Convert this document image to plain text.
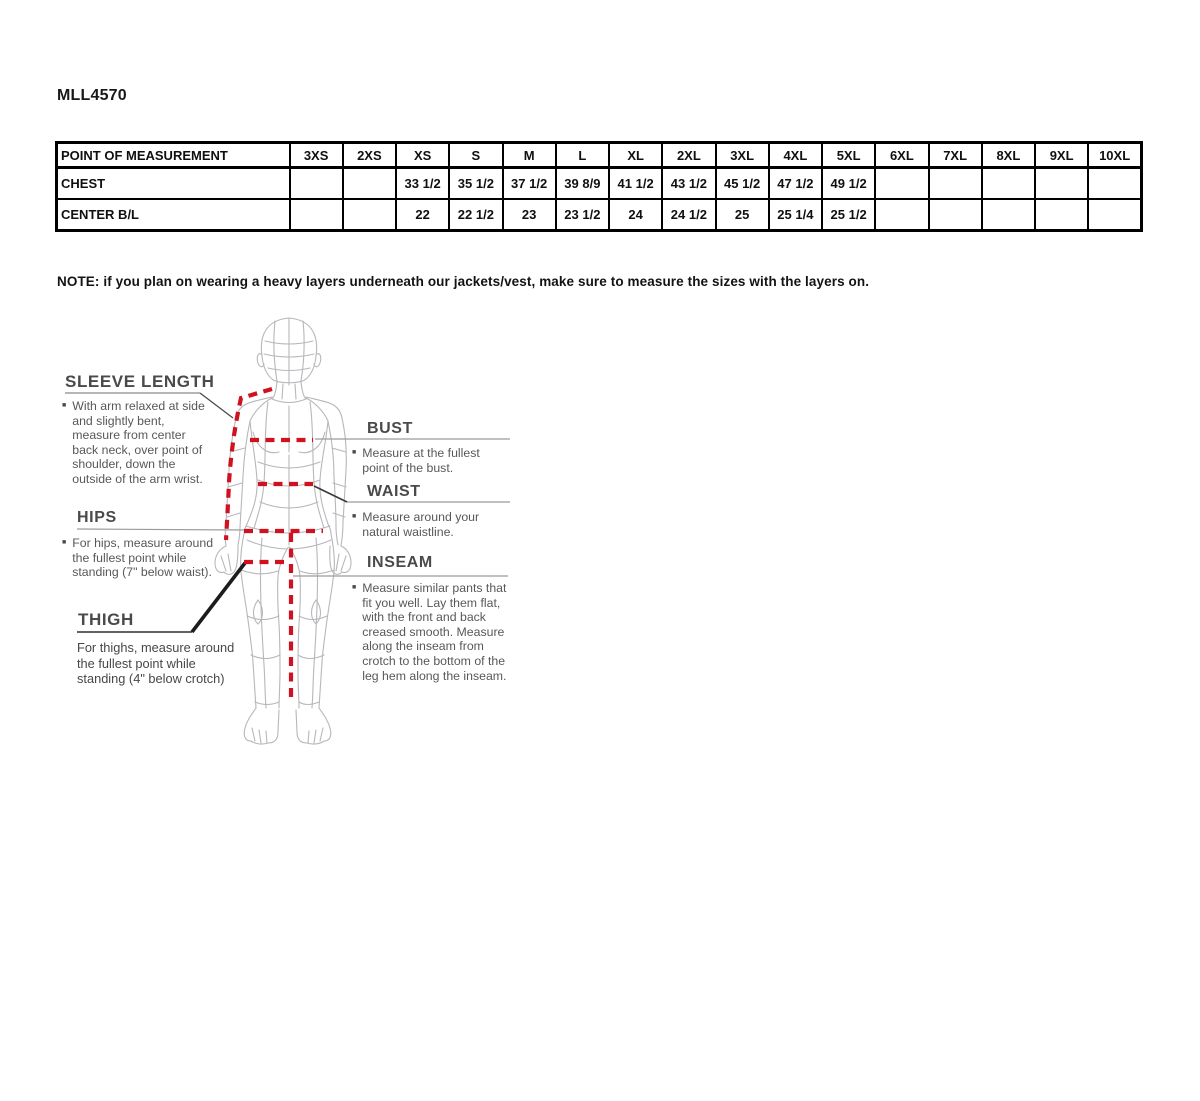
MLL4570
POINT OF MEASUREMENT	3XS	2XS	XS	S	M	L	XL	2XL	3XL	4XL	5XL	6XL	7XL	8XL	9XL	10XL
CHEST			33 1/2	35 1/2	37 1/2	39 8/9	41 1/2	43 1/2	45 1/2	47 1/2	49 1/2					
CENTER B/L			22	22 1/2	23	23 1/2	24	24 1/2	25	25 1/4	25 1/2					

NOTE: if you plan on wearing a heavy layers underneath our jackets/vest, make sure to measure the sizes with the layers on.

SLEEVE LENGTH
■ With arm relaxed at side and slightly bent, measure from center back neck, over point of shoulder, down the outside of the arm wrist.

HIPS
■ For hips, measure around the fullest point while standing (7" below waist).

THIGH

For thighs, measure around the fullest point while standing (4" below crotch)

BUST
■ Measure at the fullest point of the bust.

WAIST
■ Measure around your natural waistline.

INSEAM
■ Measure similar pants that fit you well. Lay them flat, with the front and back creased smooth. Measure along the inseam from crotch to the bottom of the leg hem along the inseam.
